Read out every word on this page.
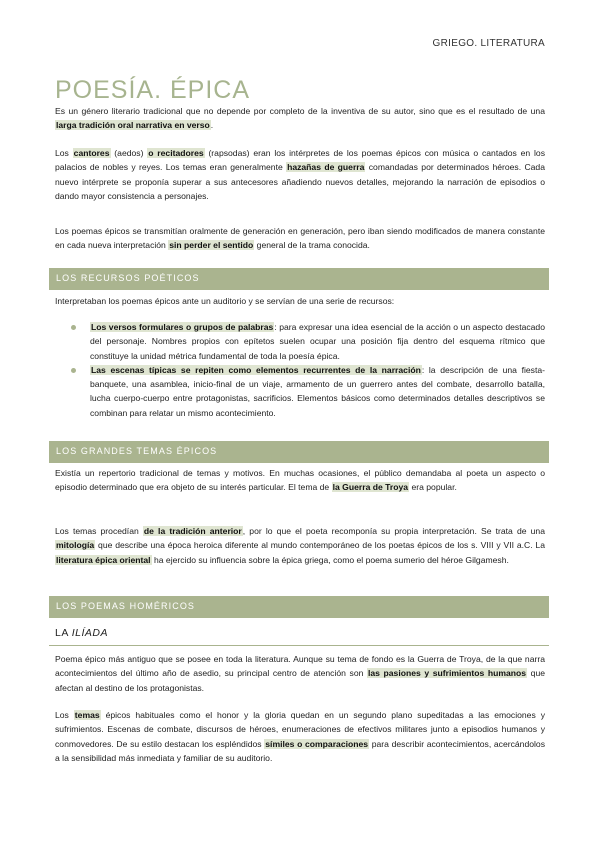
GRIEGO. LITERATURA
POESÍA. ÉPICA

Es un género literario tradicional que no depende por completo de la inventiva de su autor, sino que es el resultado de una larga tradición oral narrativa en verso.

Los cantores (aedos) o recitadores (rapsodas) eran los intérpretes de los poemas épicos con música o cantados en los palacios de nobles y reyes. Los temas eran generalmente hazañas de guerra comandadas por determinados héroes. Cada nuevo intérprete se proponía superar a sus antecesores añadiendo nuevos detalles, mejorando la narración de episodios o dando mayor consistencia a personajes.

Los poemas épicos se transmitían oralmente de generación en generación, pero iban siendo modificados de manera constante en cada nueva interpretación sin perder el sentido general de la trama conocida.

LOS RECURSOS POÉTICOS

Interpretaban los poemas épicos ante un auditorio y se servían de una serie de recursos:

Los versos formulares o grupos de palabras: para expresar una idea esencial de la acción o un aspecto destacado del personaje. Nombres propios con epítetos suelen ocupar una posición fija dentro del esquema rítmico que constituye la unidad métrica fundamental de toda la poesía épica.
Las escenas típicas se repiten como elementos recurrentes de la narración: la descripción de una fiesta-banquete, una asamblea, inicio-final de un viaje, armamento de un guerrero antes del combate, desarrollo batalla, lucha cuerpo-cuerpo entre protagonistas, sacrificios. Elementos básicos como determinados detalles descriptivos se combinan para relatar un mismo acontecimiento.
LOS GRANDES TEMAS ÉPICOS

Existía un repertorio tradicional de temas y motivos. En muchas ocasiones, el público demandaba al poeta un aspecto o episodio determinado que era objeto de su interés particular. El tema de la Guerra de Troya era popular.

Los temas procedían de la tradición anterior, por lo que el poeta recomponía su propia interpretación. Se trata de una mitología que describe una época heroica diferente al mundo contemporáneo de los poetas épicos de los s. VIII y VII a.C. La literatura épica oriental ha ejercido su influencia sobre la épica griega, como el poema sumerio del héroe Gilgamesh.

LOS POEMAS HOMÉRICOS
LA ILÍADA

Poema épico más antiguo que se posee en toda la literatura. Aunque su tema de fondo es la Guerra de Troya, de la que narra acontecimientos del último año de asedio, su principal centro de atención son las pasiones y sufrimientos humanos que afectan al destino de los protagonistas.

Los temas épicos habituales como el honor y la gloria quedan en un segundo plano supeditadas a las emociones y sufrimientos. Escenas de combate, discursos de héroes, enumeraciones de efectivos militares junto a episodios humanos y conmovedores. De su estilo destacan los espléndidos símiles o comparaciones para describir acontecimientos, acercándolos a la sensibilidad más inmediata y familiar de su auditorio.
